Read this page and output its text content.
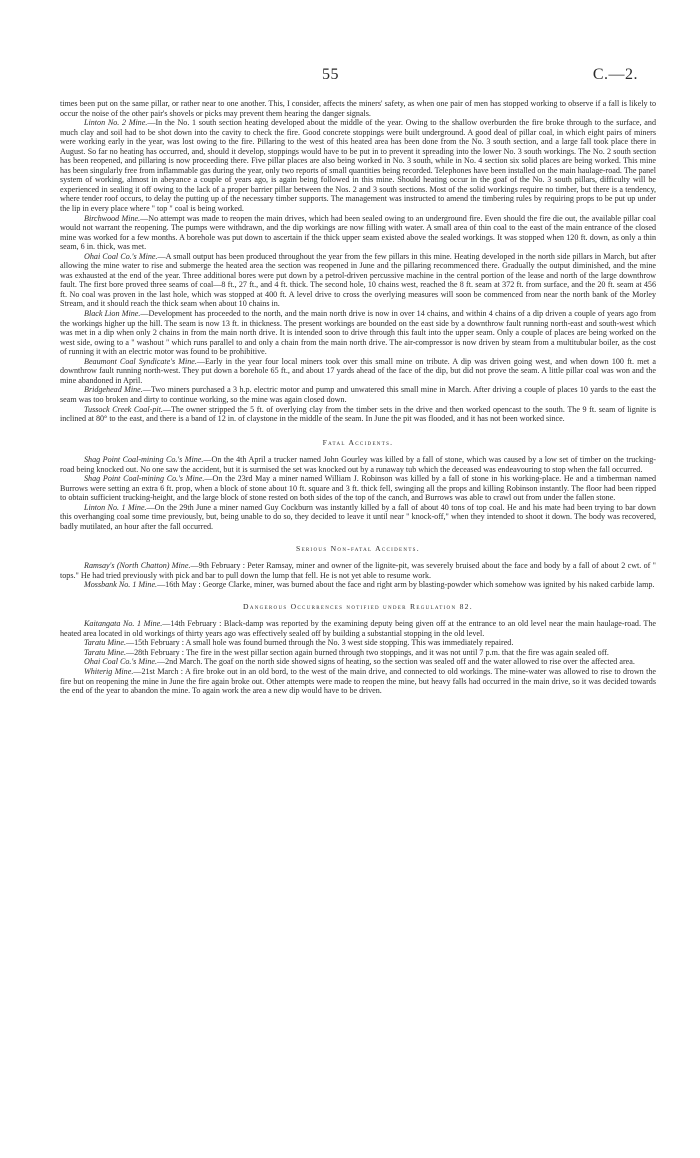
55	C.—2.

times been put on the same pillar, or rather near to one another. This, I consider, affects the miners' safety, as when one pair of men has stopped working to observe if a fall is likely to occur the noise of the other pair's shovels or picks may prevent them hearing the danger signals.

Linton No. 2 Mine.—In the No. 1 south section heating developed about the middle of the year. Owing to the shallow overburden the fire broke through to the surface, and much clay and soil had to be shot down into the cavity to check the fire. Good concrete stoppings were built underground. A good deal of pillar coal, in which eight pairs of miners were working early in the year, was lost owing to the fire. Pillaring to the west of this heated area has been done from the No. 3 south section, and a large fall took place there in August. So far no heating has occurred, and, should it develop, stoppings would have to be put in to prevent it spreading into the lower No. 3 south workings. The No. 2 south section has been reopened, and pillaring is now proceeding there. Five pillar places are also being worked in No. 3 south, while in No. 4 section six solid places are being worked. This mine has been singularly free from inflammable gas during the year, only two reports of small quantities being recorded. Telephones have been installed on the main haulage-road. The panel system of working, almost in abeyance a couple of years ago, is again being followed in this mine. Should heating occur in the goaf of the No. 3 south pillars, difficulty will be experienced in sealing it off owing to the lack of a proper barrier pillar between the Nos. 2 and 3 south sections. Most of the solid workings require no timber, but there is a tendency, where tender roof occurs, to delay the putting up of the necessary timber supports. The management was instructed to amend the timbering rules by requiring props to be put up under the lip in every place where " top " coal is being worked.

Birchwood Mine.—No attempt was made to reopen the main drives, which had been sealed owing to an underground fire. Even should the fire die out, the available pillar coal would not warrant the reopening. The pumps were withdrawn, and the dip workings are now filling with water. A small area of thin coal to the east of the main entrance of the closed mine was worked for a few months. A borehole was put down to ascertain if the thick upper seam existed above the sealed workings. It was stopped when 120 ft. down, as only a thin seam, 6 in. thick, was met.

Ohai Coal Co.'s Mine.—A small output has been produced throughout the year from the few pillars in this mine. Heating developed in the north side pillars in March, but after allowing the mine water to rise and submerge the heated area the section was reopened in June and the pillaring recommenced there. Gradually the output diminished, and the mine was exhausted at the end of the year. Three additional bores were put down by a petrol-driven percussive machine in the central portion of the lease and north of the large downthrow fault. The first bore proved three seams of coal—8 ft., 27 ft., and 4 ft. thick. The second hole, 10 chains west, reached the 8 ft. seam at 372 ft. from surface, and the 20 ft. seam at 456 ft. No coal was proven in the last hole, which was stopped at 400 ft. A level drive to cross the overlying measures will soon be commenced from near the north bank of the Morley Stream, and it should reach the thick seam when about 10 chains in.

Black Lion Mine.—Development has proceeded to the north, and the main north drive is now in over 14 chains, and within 4 chains of a dip driven a couple of years ago from the workings higher up the hill. The seam is now 13 ft. in thickness. The present workings are bounded on the east side by a downthrow fault running north-east and south-west which was met in a dip when only 2 chains in from the main north drive. It is intended soon to drive through this fault into the upper seam. Only a couple of places are being worked on the west side, owing to a " washout " which runs parallel to and only a chain from the main north drive. The air-compressor is now driven by steam from a multitubular boiler, as the cost of running it with an electric motor was found to be prohibitive.

Beaumont Coal Syndicate's Mine.—Early in the year four local miners took over this small mine on tribute. A dip was driven going west, and when down 100 ft. met a downthrow fault running north-west. They put down a borehole 65 ft., and about 17 yards ahead of the face of the dip, but did not prove the seam. A little pillar coal was won and the mine abandoned in April.

Bridgehead Mine.—Two miners purchased a 3 h.p. electric motor and pump and unwatered this small mine in March. After driving a couple of places 10 yards to the east the seam was too broken and dirty to continue working, so the mine was again closed down.

Tussock Creek Coal-pit.—The owner stripped the 5 ft. of overlying clay from the timber sets in the drive and then worked opencast to the south. The 9 ft. seam of lignite is inclined at 80° to the east, and there is a band of 12 in. of claystone in the middle of the seam. In June the pit was flooded, and it has not been worked since.

Fatal Accidents.

Shag Point Coal-mining Co.'s Mine.—On the 4th April a trucker named John Gourley was killed by a fall of stone, which was caused by a low set of timber on the trucking-road being knocked out. No one saw the accident, but it is surmised the set was knocked out by a runaway tub which the deceased was endeavouring to stop when the fall occurred.

Shag Point Coal-mining Co.'s Mine.—On the 23rd May a miner named William J. Robinson was killed by a fall of stone in his working-place. He and a timberman named Burrows were setting an extra 6 ft. prop, when a block of stone about 10 ft. square and 3 ft. thick fell, swinging all the props and killing Robinson instantly. The floor had been ripped to obtain sufficient trucking-height, and the large block of stone rested on both sides of the top of the canch, and Burrows was able to crawl out from under the fallen stone.

Linton No. 1 Mine.—On the 29th June a miner named Guy Cockburn was instantly killed by a fall of about 40 tons of top coal. He and his mate had been trying to bar down this overhanging coal some time previously, but, being unable to do so, they decided to leave it until near " knock-off," when they intended to shoot it down. The body was recovered, badly mutilated, an hour after the fall occurred.

Serious Non-fatal Accidents.

Ramsay's (North Chatton) Mine.—9th February : Peter Ramsay, miner and owner of the lignite-pit, was severely bruised about the face and body by a fall of about 2 cwt. of " tops." He had tried previously with pick and bar to pull down the lump that fell. He is not yet able to resume work.

Mossbank No. 1 Mine.—16th May : George Clarke, miner, was burned about the face and right arm by blasting-powder which somehow was ignited by his naked carbide lamp.

Dangerous Occurrences notified under Regulation 82.

Kaitangata No. 1 Mine.—14th February : Black-damp was reported by the examining deputy being given off at the entrance to an old level near the main haulage-road. The heated area located in old workings of thirty years ago was effectively sealed off by building a substantial stopping in the old level.

Taratu Mine.—15th February : A small hole was found burned through the No. 3 west side stopping. This was immediately repaired.

Taratu Mine.—28th February : The fire in the west pillar section again burned through two stoppings, and it was not until 7 p.m. that the fire was again sealed off.

Ohai Coal Co.'s Mine.—2nd March. The goaf on the north side showed signs of heating, so the section was sealed off and the water allowed to rise over the affected area.

Whiterig Mine.—21st March : A fire broke out in an old bord, to the west of the main drive, and connected to old workings. The mine-water was allowed to rise to drown the fire but on reopening the mine in June the fire again broke out. Other attempts were made to reopen the mine, but heavy falls had occurred in the main drive, so it was decided towards the end of the year to abandon the mine. To again work the area a new dip would have to be driven.
